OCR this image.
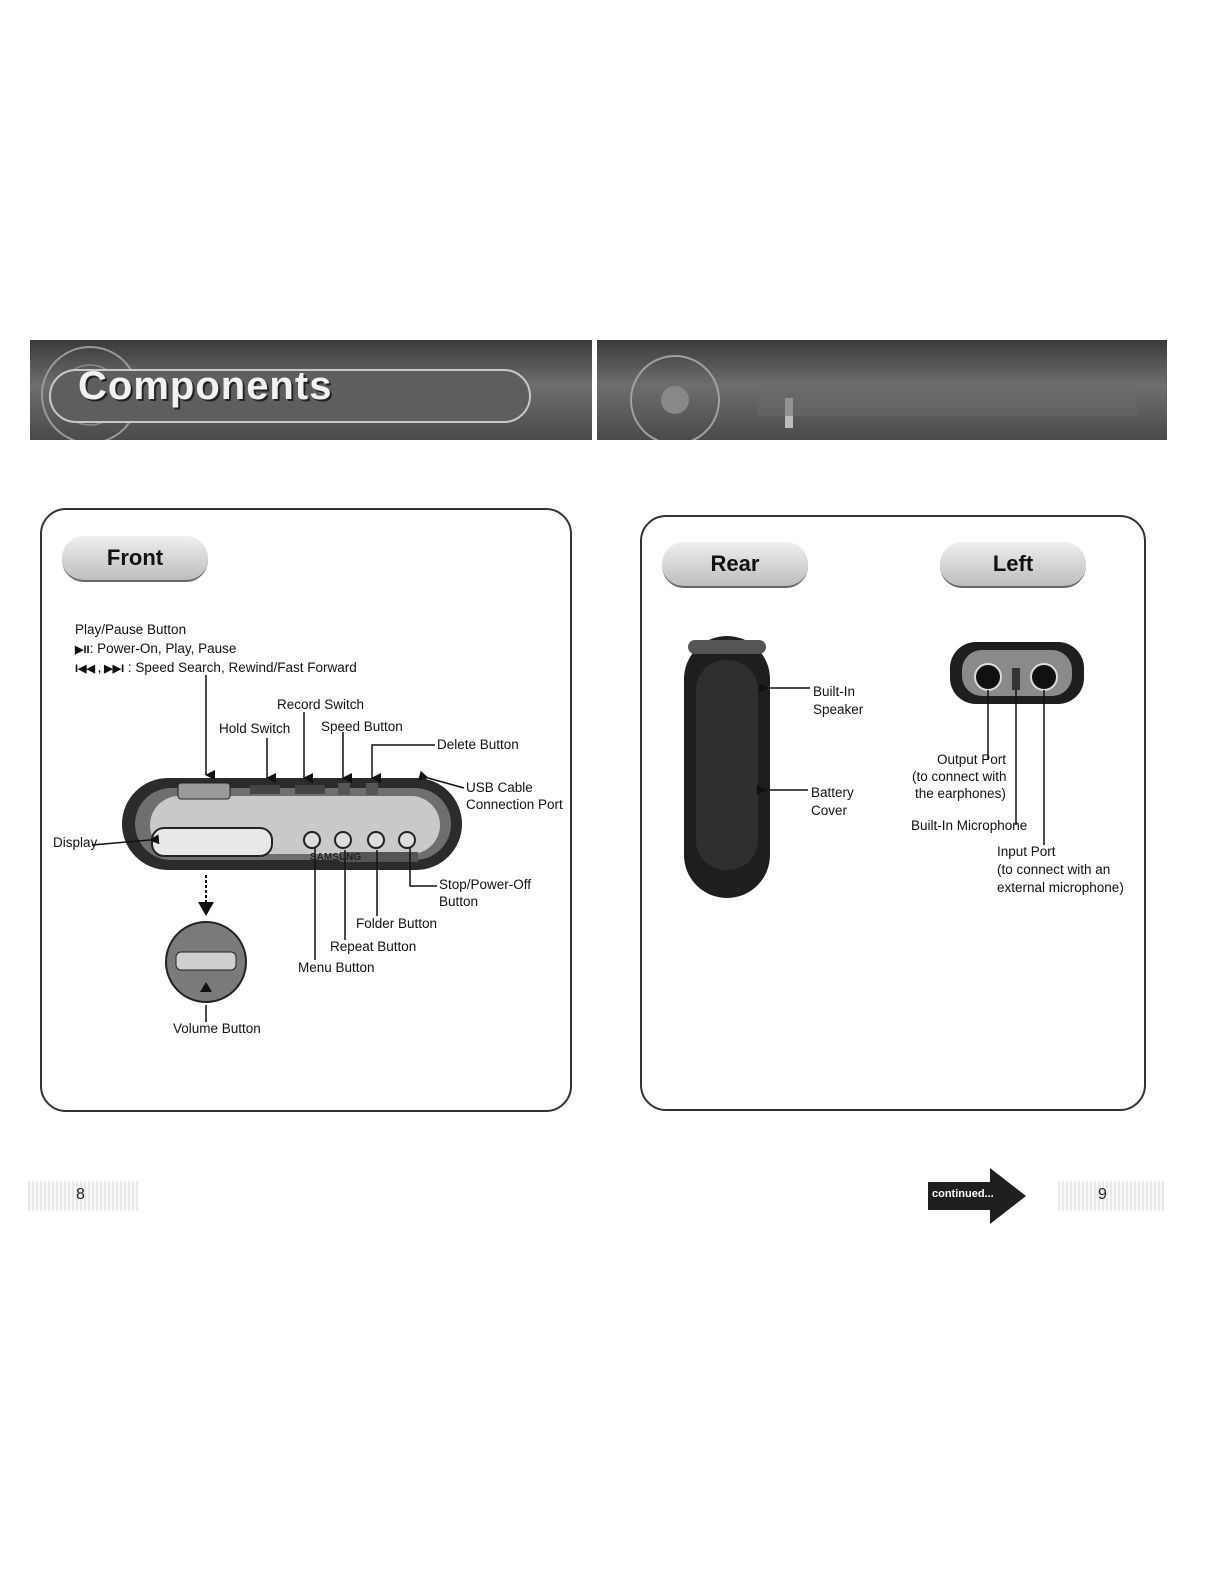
Components
Front
Play/Pause Button
▶II: Power-On, Play, Pause
I◀◀ , ▶▶I : Speed Search, Rewind/Fast Forward
Record Switch
Hold Switch Speed Button
Delete Button
USB Cable
Connection Port
Display
Stop/Power-Off
Button
Folder Button
Repeat Button
Menu Button
Volume Button
SAMSUNG
Rear	Left
Built-In
Speaker
Battery
Cover
Output Port
(to connect with
the earphones)
Built-In Microphone
Input Port
(to connect with an
external microphone)
8	continued...	9
